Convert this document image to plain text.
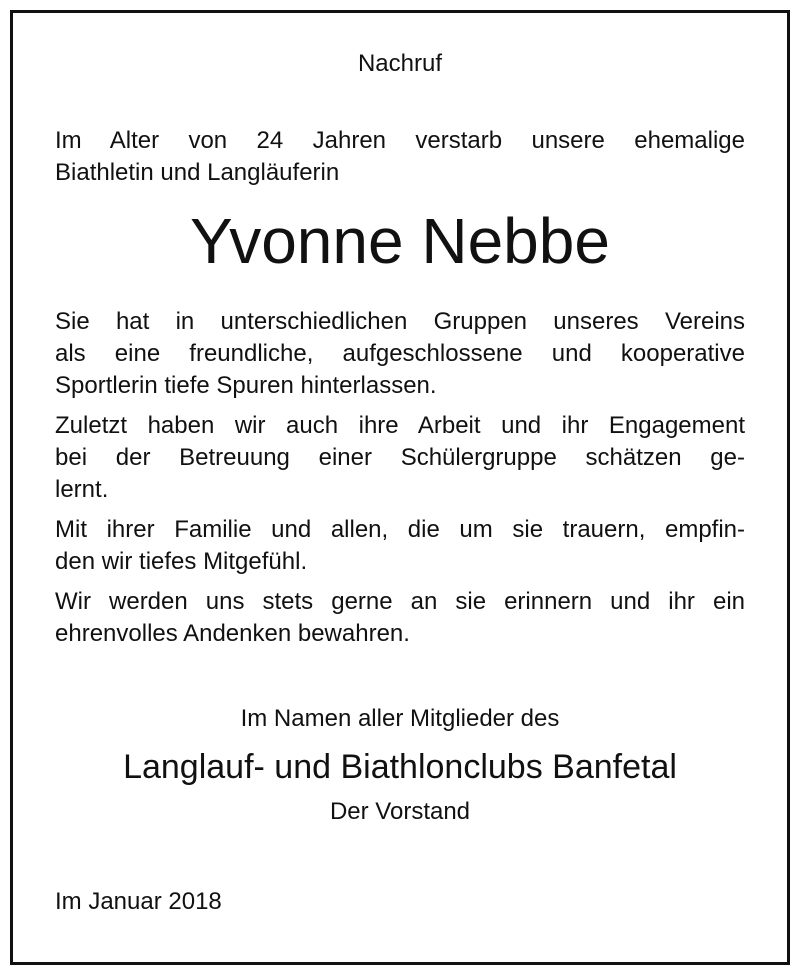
Nachruf
Im Alter von 24 Jahren verstarb unsere ehemalige
Biathletin und Langläuferin
Yvonne Nebbe

Sie hat in unterschiedlichen Gruppen unseres Vereins
als eine freundliche, aufgeschlossene und kooperative
Sportlerin tiefe Spuren hinterlassen.

Zuletzt haben wir auch ihre Arbeit und ihr Engagement
bei der Betreuung einer Schülergruppe schätzen ge-
lernt.

Mit ihrer Familie und allen, die um sie trauern, empfin-
den wir tiefes Mitgefühl.

Wir werden uns stets gerne an sie erinnern und ihr ein
ehrenvolles Andenken bewahren.

Im Namen aller Mitglieder des
Langlauf- und Biathlonclubs Banfetal
Der Vorstand
Im Januar 2018
